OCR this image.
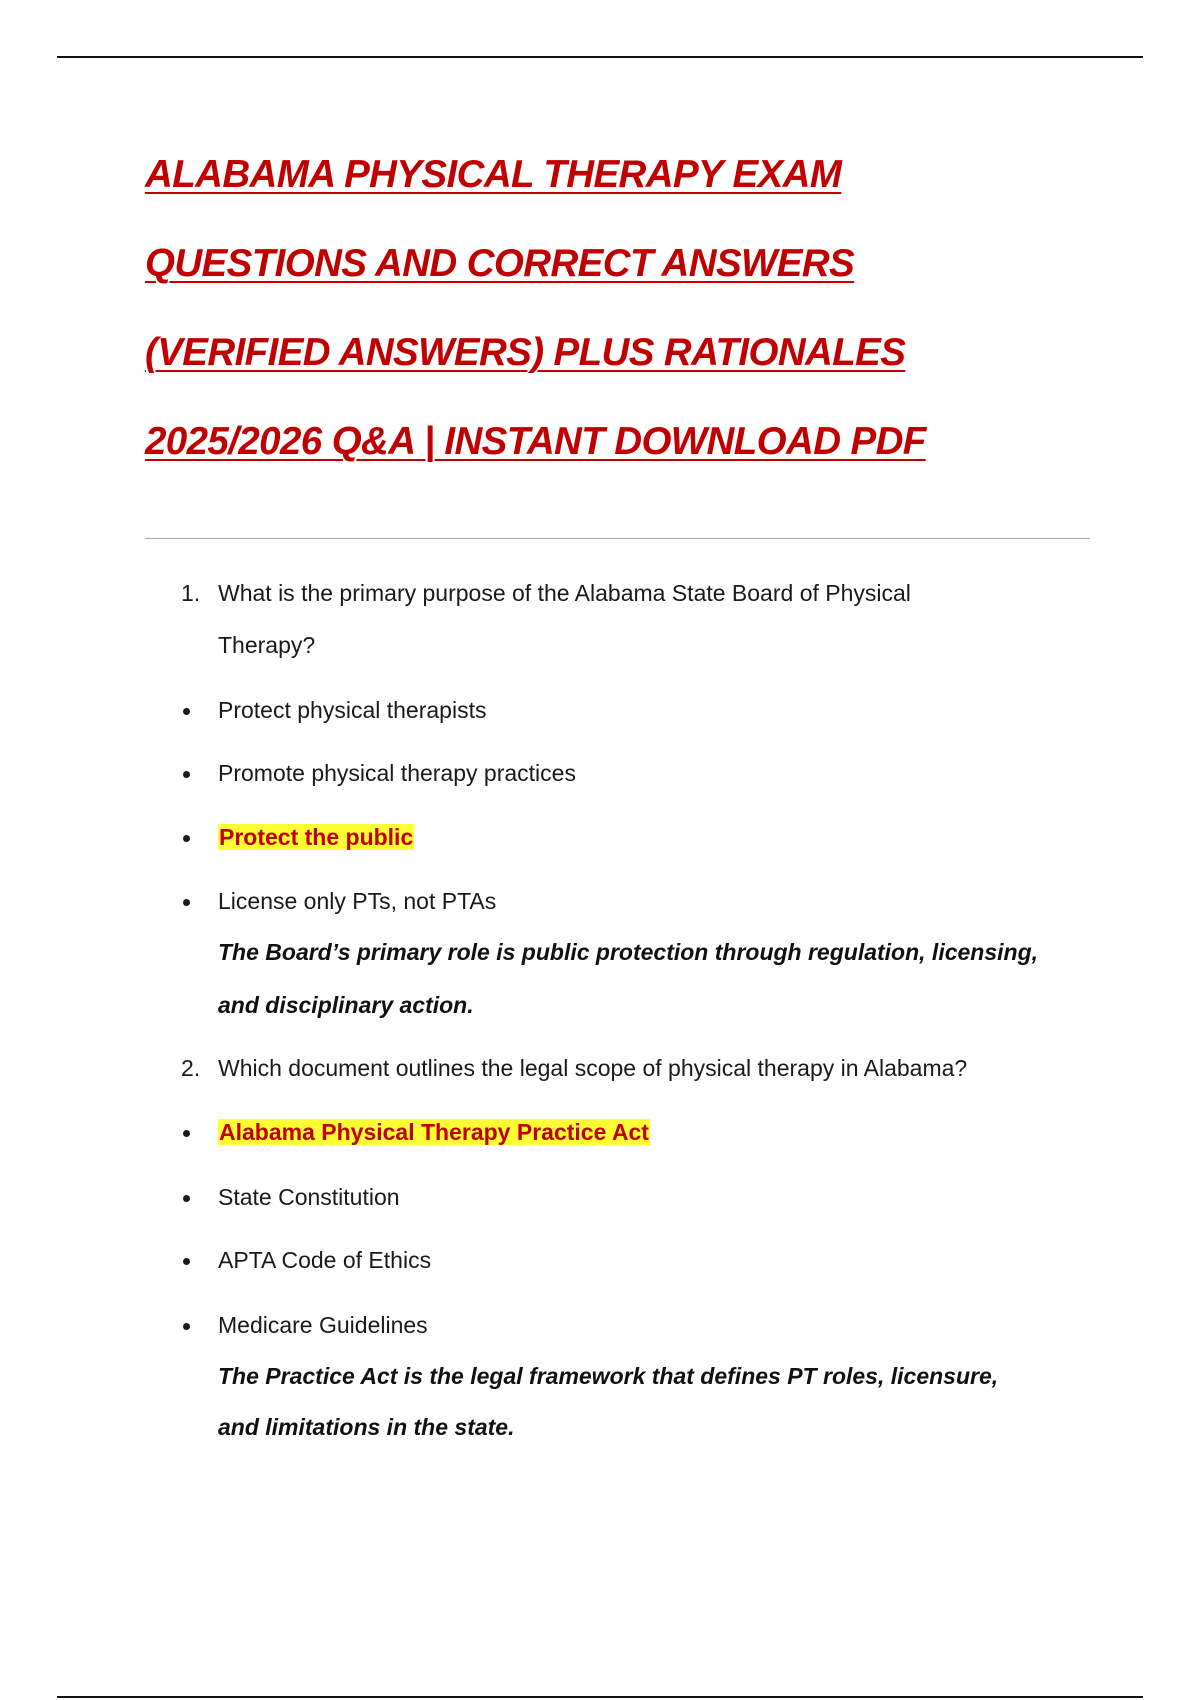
ALABAMA PHYSICAL THERAPY EXAM
QUESTIONS AND CORRECT ANSWERS
(VERIFIED ANSWERS) PLUS RATIONALES
2025/2026 Q&A | INSTANT DOWNLOAD PDF
1. What is the primary purpose of the Alabama State Board of Physical
Therapy?
Protect physical therapists
Promote physical therapy practices
Protect the public
License only PTs, not PTAs
The Board’s primary role is public protection through regulation, licensing,
and disciplinary action.
2. Which document outlines the legal scope of physical therapy in Alabama?
Alabama Physical Therapy Practice Act
State Constitution
APTA Code of Ethics
Medicare Guidelines
The Practice Act is the legal framework that defines PT roles, licensure,
and limitations in the state.
